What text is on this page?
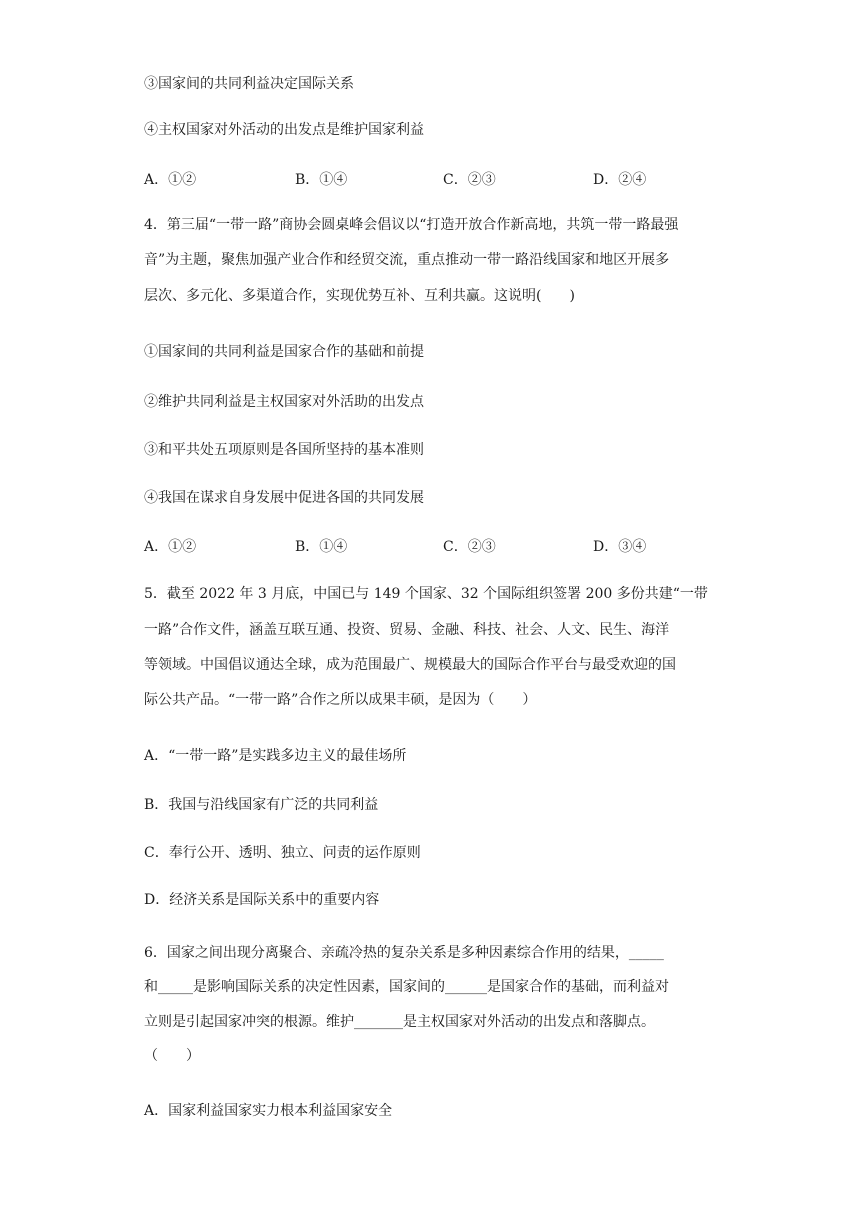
③国家间的共同利益决定国际关系
④主权国家对外活动的出发点是维护国家利益
A．①②	B．①④	C．②③	D．②④
4．第三届“一带一路”商协会圆桌峰会倡议以“打造开放合作新高地，共筑一带一路最强
音”为主题，聚焦加强产业合作和经贸交流，重点推动一带一路沿线国家和地区开展多
层次、多元化、多渠道合作，实现优势互补、互利共赢。这说明(　　)
①国家间的共同利益是国家合作的基础和前提
②维护共同利益是主权国家对外活助的出发点
③和平共处五项原则是各国所坚持的基本准则
④我国在谋求自身发展中促进各国的共同发展
A．①②	B．①④	C．②③	D．③④
5．截至 2022 年 3 月底，中国已与 149 个国家、32 个国际组织签署 200 多份共建“一带
一路”合作文件，涵盖互联互通、投资、贸易、金融、科技、社会、人文、民生、海洋
等领域。中国倡议通达全球，成为范围最广、规模最大的国际合作平台与最受欢迎的国
际公共产品。“一带一路”合作之所以成果丰硕，是因为（　　）
A．“一带一路”是实践多边主义的最佳场所
B．我国与沿线国家有广泛的共同利益
C．奉行公开、透明、独立、问责的运作原则
D．经济关系是国际关系中的重要内容
6．国家之间出现分离聚合、亲疏冷热的复杂关系是多种因素综合作用的结果，_____
和_____是影响国际关系的决定性因素，国家间的______是国家合作的基础，而利益对
立则是引起国家冲突的根源。维护_______是主权国家对外活动的出发点和落脚点。
（　　）
A．国家利益国家实力根本利益国家安全
